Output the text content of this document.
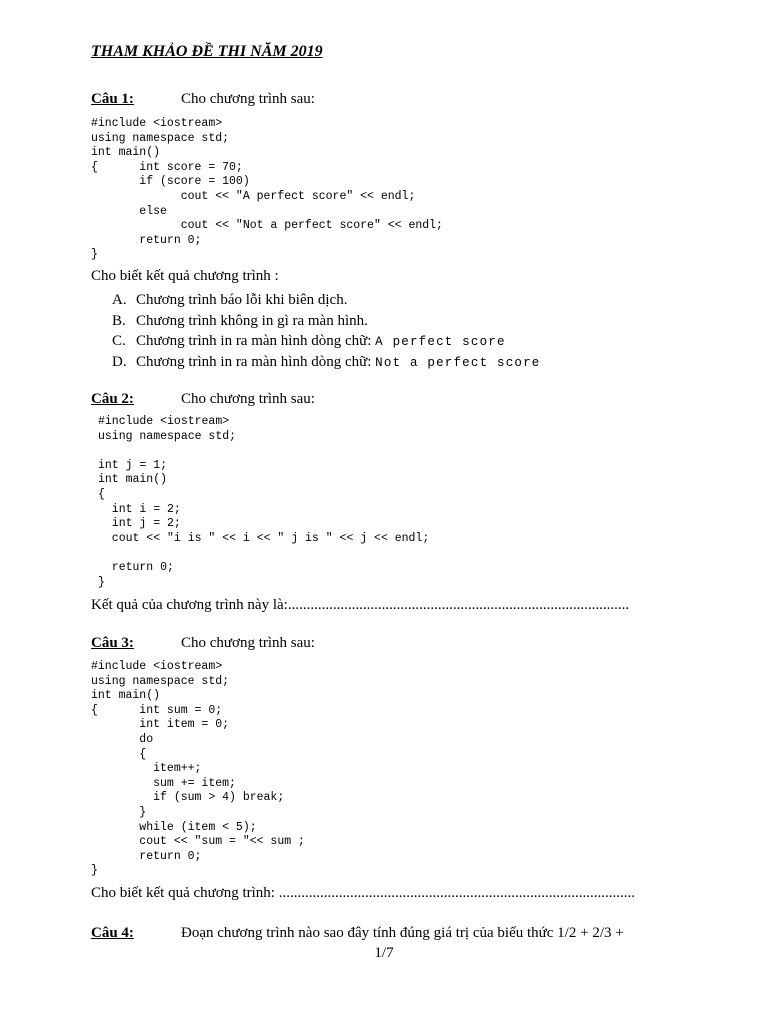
THAM KHẢO ĐỀ THI NĂM 2019
Câu 1:	Cho chương trình sau:
#include <iostream>
using namespace std;
int main()
{      int score = 70;
if (score = 100)
cout << "A perfect score" << endl;
else
cout << "Not a perfect score" << endl;
return 0;
}
Cho biết kết quả chương trình :
A. Chương trình báo lỗi khi biên dịch.
B. Chương trình không in gì ra màn hình.
C. Chương trình in ra màn hình dòng chữ: A perfect score
D. Chương trình in ra màn hình dòng chữ: Not a perfect score
Câu 2:	Cho chương trình sau:
#include <iostream>
using namespace std;

int j = 1;
int main()
{
int i = 2;
int j = 2;
cout << "i is " << i << " j is " << j << endl;

return 0;
}
Kết quả của chương trình này là:...........................................................................................
Câu 3:	Cho chương trình sau:
#include <iostream>
using namespace std;
int main()
{      int sum = 0;
int item = 0;
do
{
item++;
sum += item;
if (sum > 4) break;
}
while (item < 5);
cout << "sum = "<< sum ;
return 0;
}
Cho biết kết quả chương trình: ...............................................................................................
Câu 4:	Đoạn chương trình nào sao đây tính đúng giá trị của biểu thức 1/2 + 2/3 +
1/7
